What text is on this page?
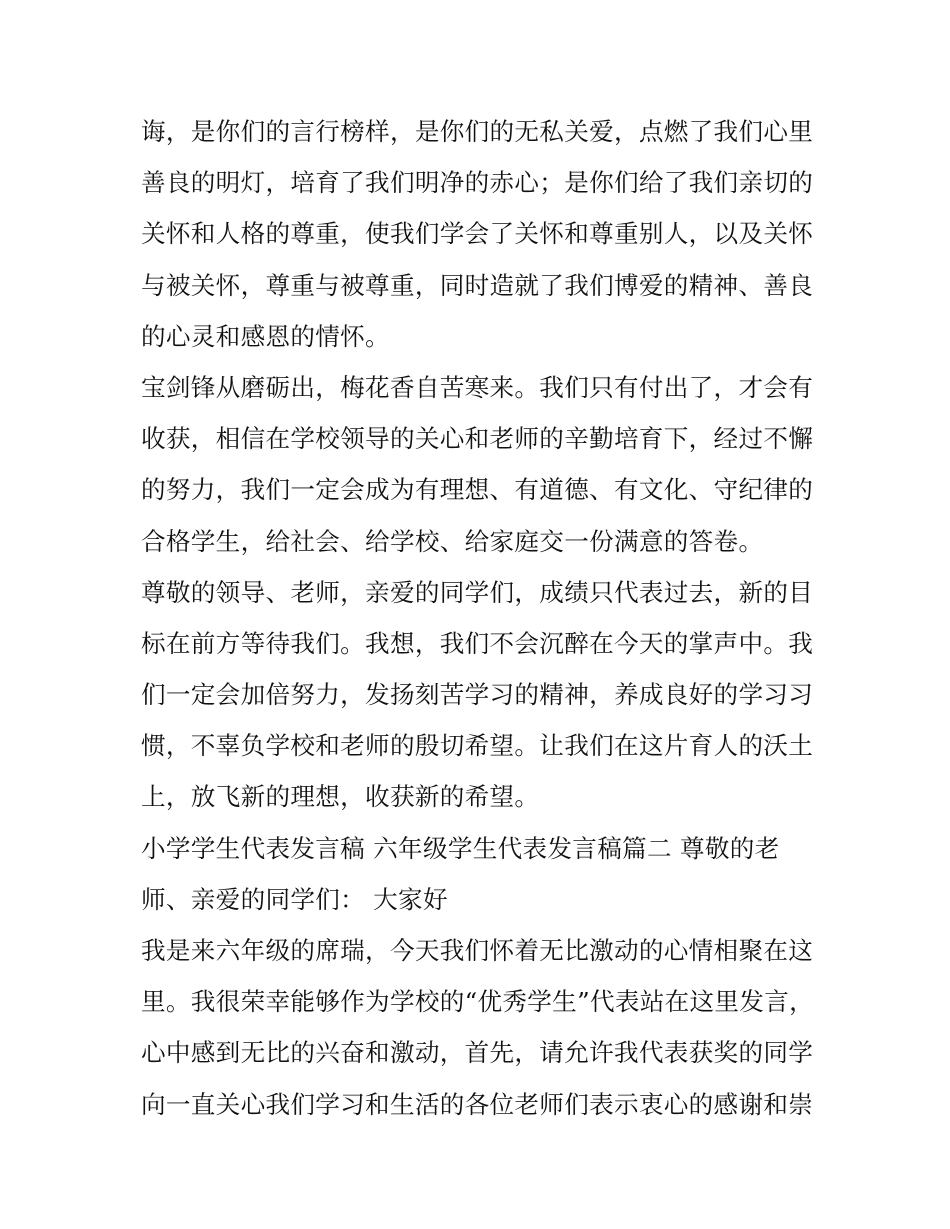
诲，是你们的言行榜样，是你们的无私关爱，点燃了我们心里
善良的明灯，培育了我们明净的赤心；是你们给了我们亲切的
关怀和人格的尊重，使我们学会了关怀和尊重别人，以及关怀
与被关怀，尊重与被尊重，同时造就了我们博爱的精神、善良
的心灵和感恩的情怀。
宝剑锋从磨砺出，梅花香自苦寒来。我们只有付出了，才会有
收获，相信在学校领导的关心和老师的辛勤培育下，经过不懈
的努力，我们一定会成为有理想、有道德、有文化、守纪律的
合格学生，给社会、给学校、给家庭交一份满意的答卷。
尊敬的领导、老师，亲爱的同学们，成绩只代表过去，新的目
标在前方等待我们。我想，我们不会沉醉在今天的掌声中。我
们一定会加倍努力，发扬刻苦学习的精神，养成良好的学习习
惯，不辜负学校和老师的殷切希望。让我们在这片育人的沃土
上，放飞新的理想，收获新的希望。
小学学生代表发言稿 六年级学生代表发言稿篇二 尊敬的老
师、亲爱的同学们： 大家好
我是来六年级的席瑞，今天我们怀着无比激动的心情相聚在这
里。我很荣幸能够作为学校的“优秀学生”代表站在这里发言，
心中感到无比的兴奋和激动，首先，请允许我代表获奖的同学
向一直关心我们学习和生活的各位老师们表示衷心的感谢和崇
